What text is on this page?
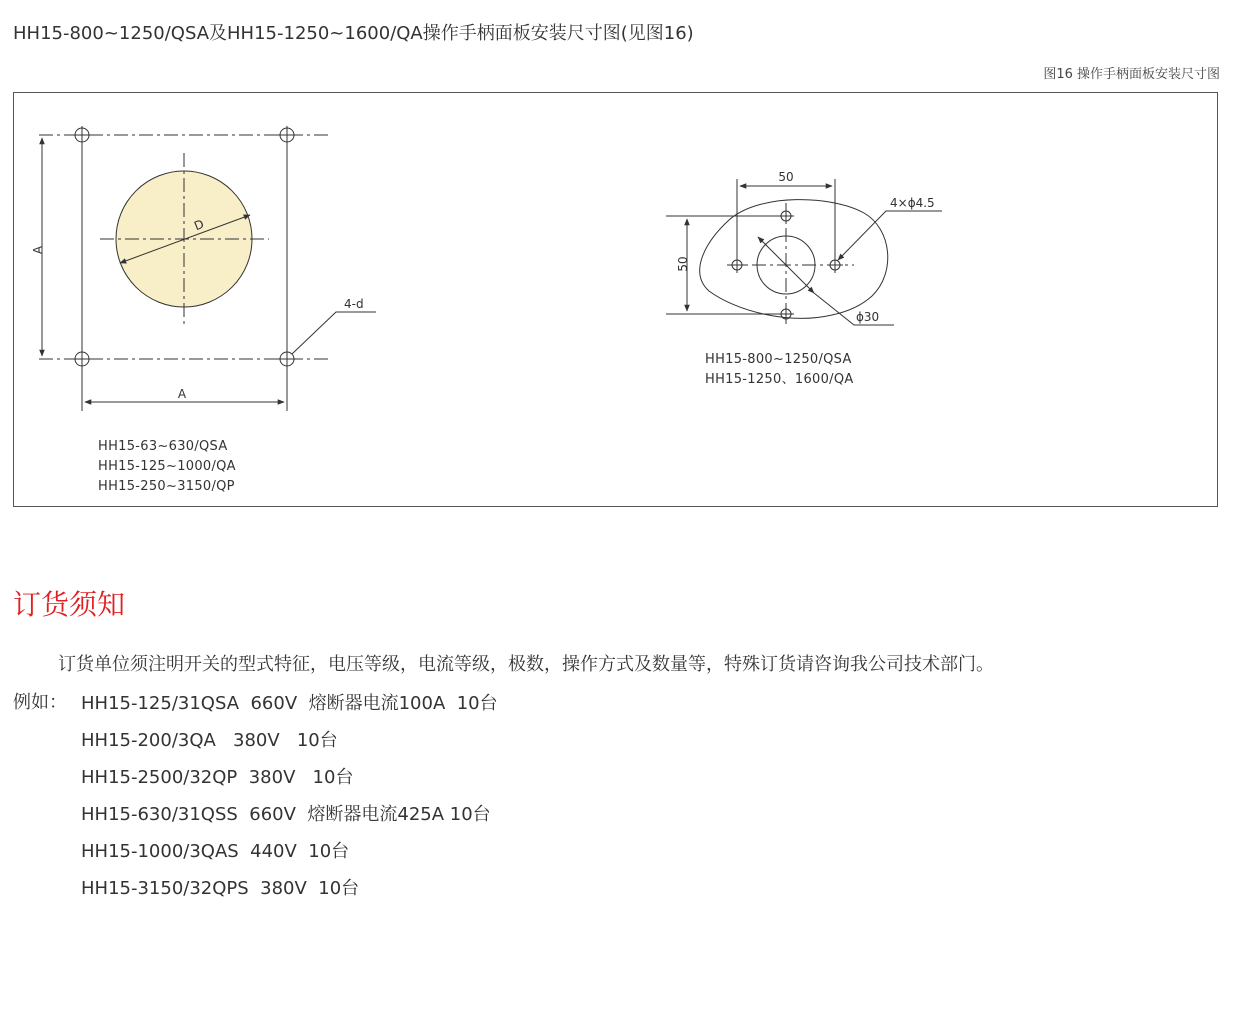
HH15-800~1250/QSA及HH15-1250~1600/QA操作手柄面板安装尺寸图(见图16)
图16 操作手柄面板安装尺寸图
A
A
D
4-d
HH15-63~630/QSA
HH15-125~1000/QA
HH15-250~3150/QP
50
50
4×ϕ4.5
ϕ30
HH15-800~1250/QSA
HH15-1250、1600/QA
订货须知
订货单位须注明开关的型式特征，电压等级，电流等级，极数，操作方式及数量等，特殊订货请咨询我公司技术部门。
例如： HH15-125/31QSA  660V  熔断器电流100A  10台
HH15-200/3QA   380V   10台
HH15-2500/32QP  380V   10台
HH15-630/31QSS  660V  熔断器电流425A 10台
HH15-1000/3QAS  440V  10台
HH15-3150/32QPS  380V  10台
